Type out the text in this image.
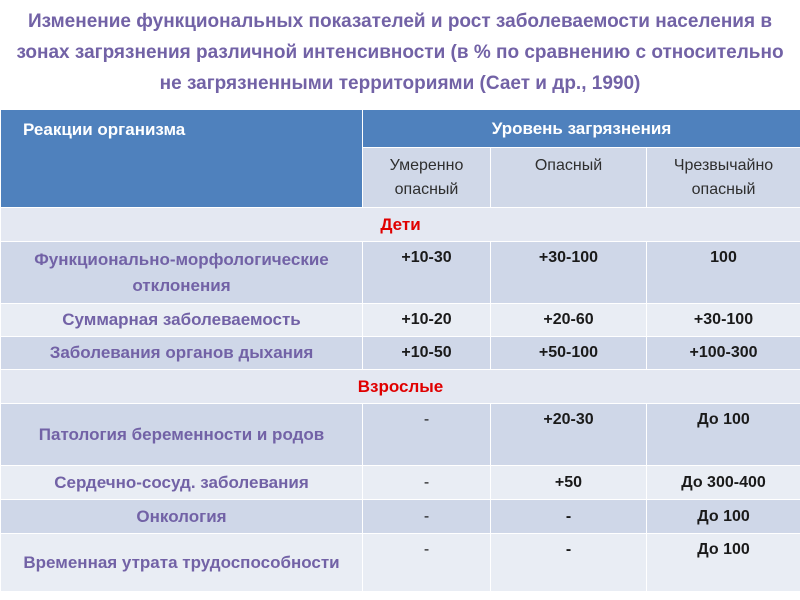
Изменение функциональных показателей и рост заболеваемости населения в зонах загрязнения различной интенсивности (в % по сравнению с относительно не загрязненными территориями (Сает и др., 1990)
Реакции организма	Уровень загрязнения		
	Умеренно опасный	Опасный	Чрезвычайно опасный
Дети			
Функционально-морфологические отклонения	+10-30	+30-100	100
Суммарная заболеваемость	+10-20	+20-60	+30-100
Заболевания органов дыхания	+10-50	+50-100	+100-300
Взрослые			
Патология беременности и родов	-	+20-30	До 100
Сердечно-сосуд. заболевания	-	+50	До 300-400
Онкология	-	-	До 100
Временная утрата трудоспособности	-	-	До 100
